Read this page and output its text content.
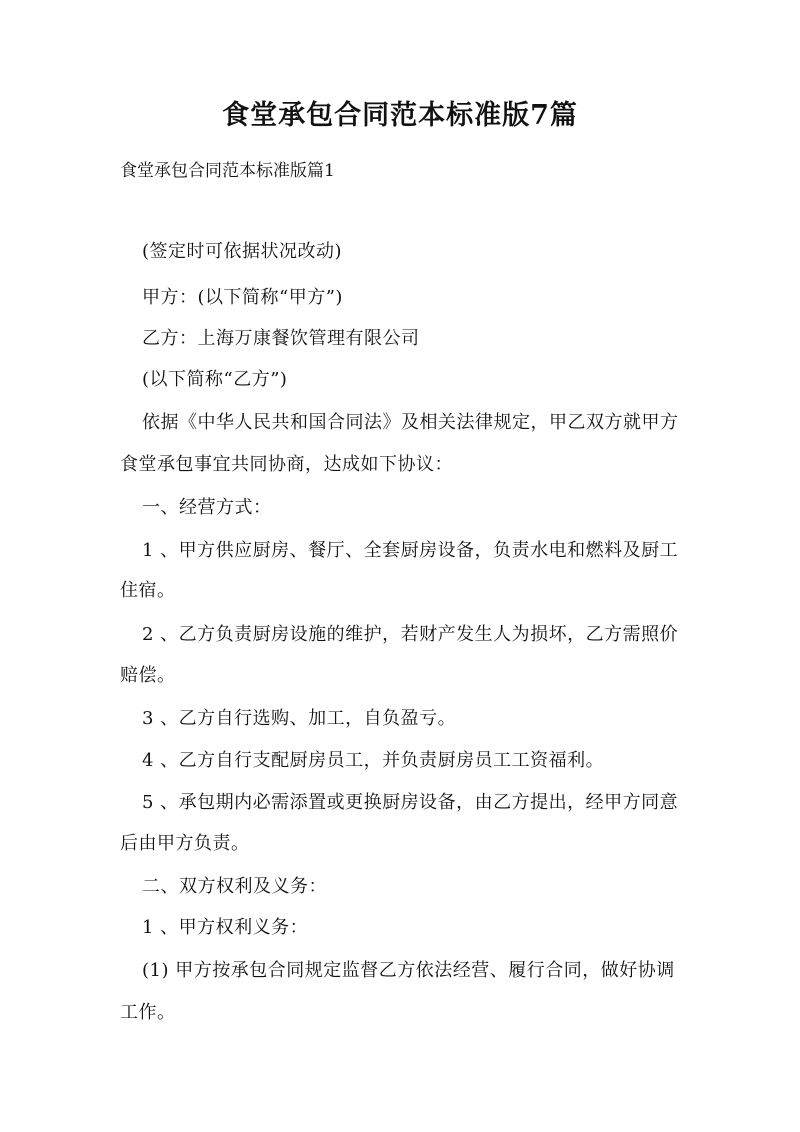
食堂承包合同范本标准版7篇
食堂承包合同范本标准版篇1
(签定时可依据状况改动)
甲方：(以下简称“甲方”)
乙方：上海万康餐饮管理有限公司
(以下简称“乙方”)
依据《中华人民共和国合同法》及相关法律规定，甲乙双方就甲方
食堂承包事宜共同协商，达成如下协议：
一、经营方式：
1 、甲方供应厨房、餐厅、全套厨房设备，负责水电和燃料及厨工
住宿。
2 、乙方负责厨房设施的维护，若财产发生人为损坏，乙方需照价
赔偿。
3 、乙方自行选购、加工，自负盈亏。
4 、乙方自行支配厨房员工，并负责厨房员工工资福利。
5 、承包期内必需添置或更换厨房设备，由乙方提出，经甲方同意
后由甲方负责。
二、双方权利及义务：
1 、甲方权利义务：
(1) 甲方按承包合同规定监督乙方依法经营、履行合同，做好协调
工作。
